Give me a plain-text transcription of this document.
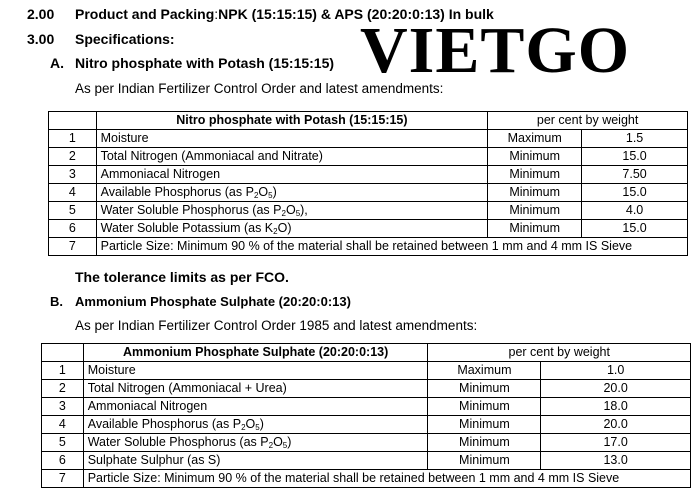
2.00 Product and Packing:NPK (15:15:15) & APS (20:20:0:13) In bulk
3.00 Specifications:	VIETGO
A. Nitro phosphate with Potash (15:15:15)
As per Indian Fertilizer Control Order and latest amendments:
	Nitro phosphate with Potash (15:15:15)	per cent by weight	
1	Moisture	Maximum	1.5
2	Total Nitrogen (Ammoniacal and Nitrate)	Minimum	15.0
3	Ammoniacal Nitrogen	Minimum	7.50
4	Available Phosphorus (as $P_2O_5$)	Minimum	15.0
5	Water Soluble Phosphorus (as $P_2O_5$),	Minimum	4.0
6	Water Soluble Potassium (as $K_2O$)	Minimum	15.0
7	Particle Size: Minimum 90 % of the material shall be retained between 1 mm and 4 mm IS Sieve		
The tolerance limits as per FCO.
B. Ammonium Phosphate Sulphate (20:20:0:13)
As per Indian Fertilizer Control Order 1985 and latest amendments:
	Ammonium Phosphate Sulphate (20:20:0:13)	per cent by weight	
1	Moisture	Maximum	1.0
2	Total Nitrogen (Ammoniacal + Urea)	Minimum	20.0
3	Ammoniacal Nitrogen	Minimum	18.0
4	Available Phosphorus (as $P_2O_5$)	Minimum	20.0
5	Water Soluble Phosphorus (as $P_2O_5$)	Minimum	17.0
6	Sulphate Sulphur (as S)	Minimum	13.0
7	Particle Size: Minimum 90 % of the material shall be retained between 1 mm and 4 mm IS Sieve		
